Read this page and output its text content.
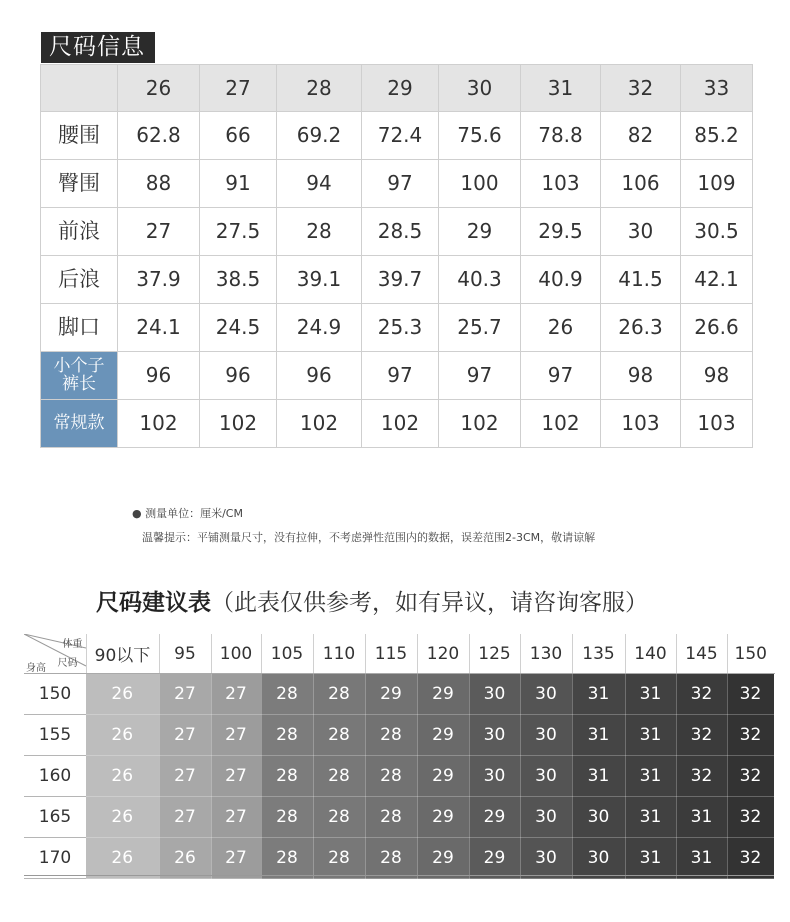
尺码信息
	26	27	28	29	30	31	32	33
腰围	62.8	66	69.2	72.4	75.6	78.8	82	85.2
臀围	88	91	94	97	100	103	106	109
前浪	27	27.5	28	28.5	29	29.5	30	30.5
后浪	37.9	38.5	39.1	39.7	40.3	40.9	41.5	42.1
脚口	24.1	24.5	24.9	25.3	25.7	26	26.3	26.6

小个子
裤长	96	96	96	97	97	97	98	98
常规款	102	102	102	102	102	102	103	103
● 测量单位：厘米/CM
温馨提示：平铺测量尺寸，没有拉伸，不考虑弹性范围内的数据，误差范围2-3CM，敬请谅解
尺码建议表（此表仅供参考，如有异议，请咨询客服）
体重
尺码
身高	90以下	95	100	105	110	115	120	125	130	135	140	145	150
150	26	27	27	28	28	29	29	30	30	31	31	32	32
155	26	27	27	28	28	28	29	30	30	31	31	32	32
160	26	27	27	28	28	28	29	30	30	31	31	32	32
165	26	27	27	28	28	28	29	29	30	30	31	31	32
170	26	26	27	28	28	28	29	29	30	30	31	31	32
